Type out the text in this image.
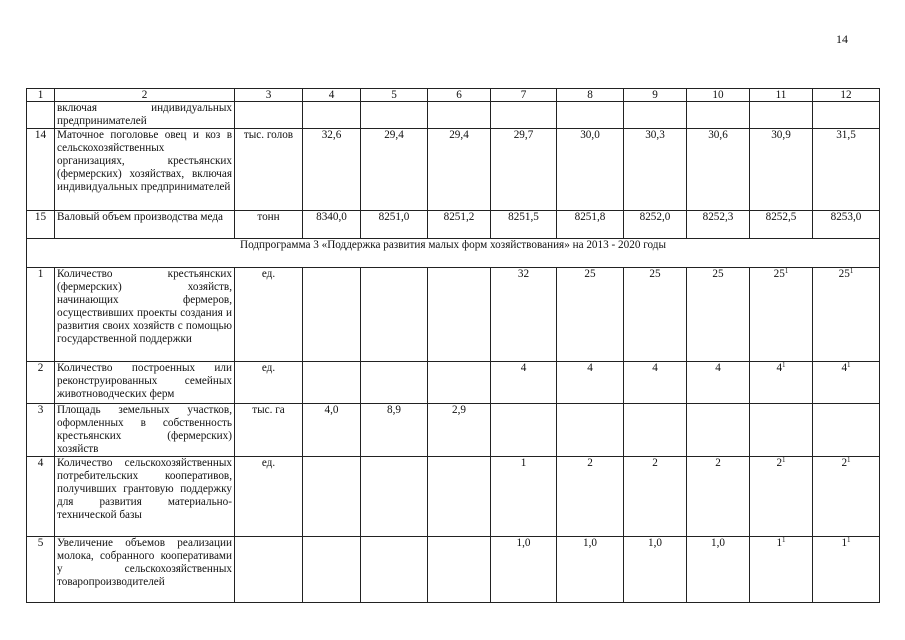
14
1	2	3	4	5	6	7	8	9	10	11	12
	включая индивидуальных предпринимателей										
14	Маточное поголовье овец и коз в сельскохозяйственных организациях, крестьянских (фермерских) хозяйствах, включая индивидуальных предпринимателей	тыс. голов	32,6	29,4	29,4	29,7	30,0	30,3	30,6	30,9	31,5
15	Валовый объем производства меда	тонн	8340,0	8251,0	8251,2	8251,5	8251,8	8252,0	8252,3	8252,5	8253,0
Подпрограмма 3 «Поддержка развития малых форм хозяйствования» на 2013 - 2020 годы											
1	Количество крестьянских (фермерских) хозяйств, начинающих фермеров, осуществивших проекты создания и развития своих хозяйств с помощью государственной поддержки	ед.				32	25	25	25	$25^1$	$25^1$
2	Количество построенных или реконструированных семейных животноводческих ферм	ед.				4	4	4	4	$4^1$	$4^1$
3	Площадь земельных участков, оформленных в собственность крестьянских (фермерских) хозяйств	тыс. га	4,0	8,9	2,9						
4	Количество сельскохозяйственных потребительских кооперативов, получивших грантовую поддержку для развития материально-технической базы	ед.				1	2	2	2	$2^1$	$2^1$
5	Увеличение объемов реализации молока, собранного кооперативами у сельскохозяйственных товаропроизводителей					1,0	1,0	1,0	1,0	$1^1$	$1^1$
